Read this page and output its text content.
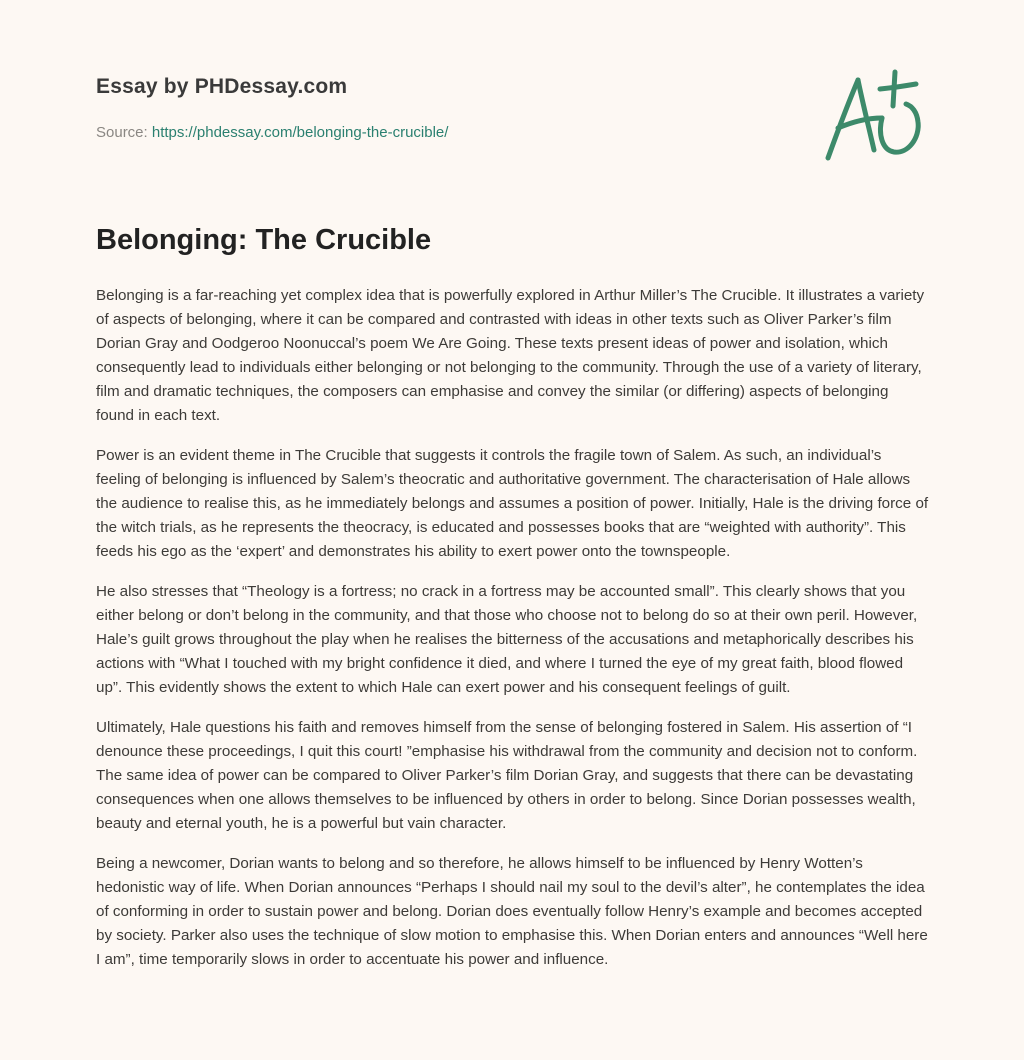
Essay by PHDessay.com
Source: https://phdessay.com/belonging-the-crucible/
Belonging: The Crucible

Belonging is a far-reaching yet complex idea that is powerfully explored in Arthur Miller’s The Crucible. It illustrates a variety of aspects of belonging, where it can be compared and contrasted with ideas in other texts such as Oliver Parker’s film Dorian Gray and Oodgeroo Noonuccal’s poem We Are Going. These texts present ideas of power and isolation, which consequently lead to individuals either belonging or not belonging to the community. Through the use of a variety of literary, film and dramatic techniques, the composers can emphasise and convey the similar (or differing) aspects of belonging found in each text.

Power is an evident theme in The Crucible that suggests it controls the fragile town of Salem. As such, an individual’s feeling of belonging is influenced by Salem’s theocratic and authoritative government. The characterisation of Hale allows the audience to realise this, as he immediately belongs and assumes a position of power. Initially, Hale is the driving force of the witch trials, as he represents the theocracy, is educated and possesses books that are “weighted with authority”. This feeds his ego as the ‘expert’ and demonstrates his ability to exert power onto the townspeople.

He also stresses that “Theology is a fortress; no crack in a fortress may be accounted small”. This clearly shows that you either belong or don’t belong in the community, and that those who choose not to belong do so at their own peril. However, Hale’s guilt grows throughout the play when he realises the bitterness of the accusations and metaphorically describes his actions with “What I touched with my bright confidence it died, and where I turned the eye of my great faith, blood flowed up”. This evidently shows the extent to which Hale can exert power and his consequent feelings of guilt.

Ultimately, Hale questions his faith and removes himself from the sense of belonging fostered in Salem. His assertion of “I denounce these proceedings, I quit this court! ”emphasise his withdrawal from the community and decision not to conform. The same idea of power can be compared to Oliver Parker’s film Dorian Gray, and suggests that there can be devastating consequences when one allows themselves to be influenced by others in order to belong. Since Dorian possesses wealth, beauty and eternal youth, he is a powerful but vain character.

Being a newcomer, Dorian wants to belong and so therefore, he allows himself to be influenced by Henry Wotten’s hedonistic way of life. When Dorian announces “Perhaps I should nail my soul to the devil’s alter”, he contemplates the idea of conforming in order to sustain power and belong. Dorian does eventually follow Henry’s example and becomes accepted by society. Parker also uses the technique of slow motion to emphasise this. When Dorian enters and announces “Well here I am”, time temporarily slows in order to accentuate his power and influence.
